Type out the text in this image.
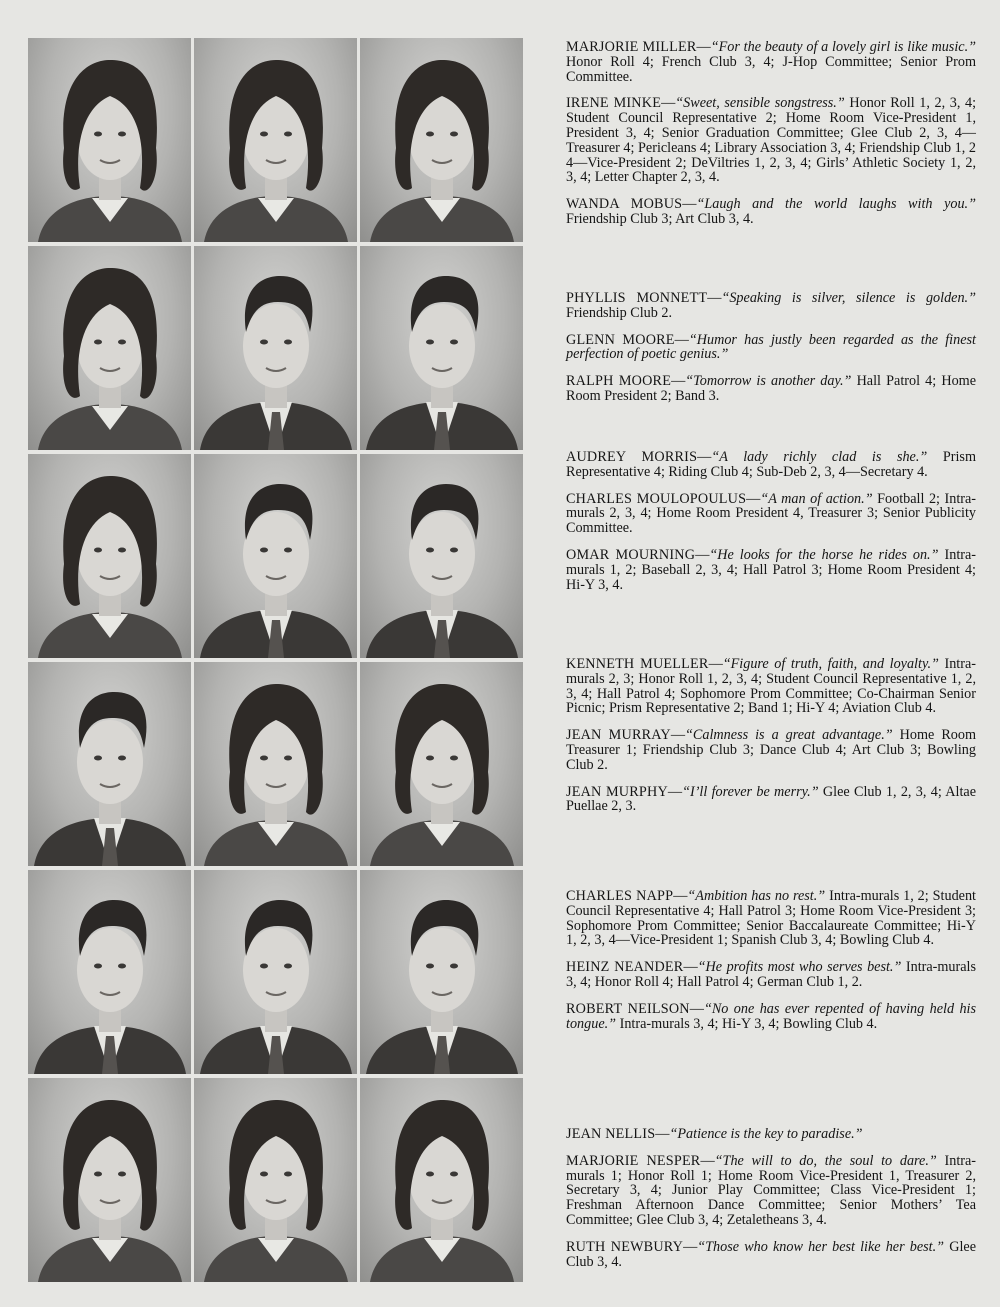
MARJORIE MILLER—“For the beauty of a lovely girl is like music.” Honor Roll 4; French Club 3, 4; J-Hop Committee; Senior Prom Committee.

IRENE MINKE—“Sweet, sensible songstress.” Honor Roll 1, 2, 3, 4; Student Council Representative 2; Home Room Vice-President 1, President 3, 4; Senior Graduation Committee; Glee Club 2, 3, 4—Treasurer 4; Pericleans 4; Library Association 3, 4; Friendship Club 1, 2 4—Vice-President 2; DeViltries 1, 2, 3, 4; Girls’ Athletic Society 1, 2, 3, 4; Letter Chapter 2, 3, 4.

WANDA MOBUS—“Laugh and the world laughs with you.” Friendship Club 3; Art Club 3, 4.

PHYLLIS MONNETT—“Speaking is silver, silence is golden.” Friendship Club 2.

GLENN MOORE—“Humor has justly been regarded as the finest perfection of poetic genius.”

RALPH MOORE—“Tomorrow is another day.” Hall Patrol 4; Home Room President 2; Band 3.

AUDREY MORRIS—“A lady richly clad is she.” Prism Representative 4; Riding Club 4; Sub-Deb 2, 3, 4—Secretary 4.

CHARLES MOULOPOULUS—“A man of action.” Football 2; Intra-murals 2, 3, 4; Home Room President 4, Treasurer 3; Senior Publicity Committee.

OMAR MOURNING—“He looks for the horse he rides on.” Intra-murals 1, 2; Baseball 2, 3, 4; Hall Patrol 3; Home Room President 4; Hi-Y 3, 4.

KENNETH MUELLER—“Figure of truth, faith, and loyalty.” Intra-murals 2, 3; Honor Roll 1, 2, 3, 4; Student Council Representative 1, 2, 3, 4; Hall Patrol 4; Sophomore Prom Committee; Co-Chairman Senior Picnic; Prism Representative 2; Band 1; Hi-Y 4; Aviation Club 4.

JEAN MURRAY—“Calmness is a great advantage.” Home Room Treasurer 1; Friendship Club 3; Dance Club 4; Art Club 3; Bowling Club 2.

JEAN MURPHY—“I’ll forever be merry.” Glee Club 1, 2, 3, 4; Altae Puellae 2, 3.

CHARLES NAPP—“Ambition has no rest.” Intra-murals 1, 2; Student Council Representative 4; Hall Patrol 3; Home Room Vice-President 3; Sophomore Prom Committee; Senior Baccalaureate Committee; Hi-Y 1, 2, 3, 4—Vice-President 1; Spanish Club 3, 4; Bowling Club 4.

HEINZ NEANDER—“He profits most who serves best.” Intra-murals 3, 4; Honor Roll 4; Hall Patrol 4; German Club 1, 2.

ROBERT NEILSON—“No one has ever repented of having held his tongue.” Intra-murals 3, 4; Hi-Y 3, 4; Bowling Club 4.

JEAN NELLIS—“Patience is the key to paradise.”

MARJORIE NESPER—“The will to do, the soul to dare.” Intra-murals 1; Honor Roll 1; Home Room Vice-President 1, Treasurer 2, Secretary 3, 4; Junior Play Committee; Class Vice-President 1; Freshman Afternoon Dance Committee; Senior Mothers’ Tea Committee; Glee Club 3, 4; Zetaletheans 3, 4.

RUTH NEWBURY—“Those who know her best like her best.” Glee Club 3, 4.
